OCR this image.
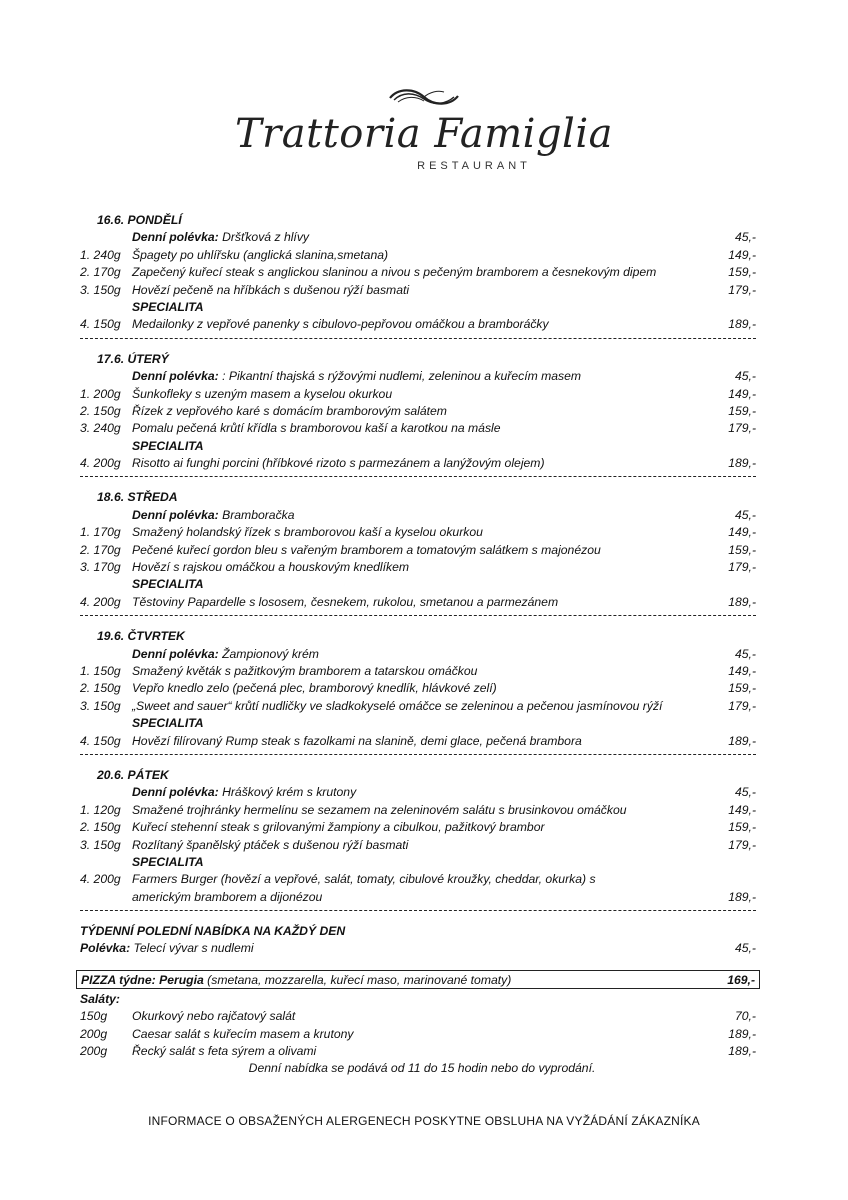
Trattoria Famiglia
RESTAURANT
16.6. PONDĚLÍ
Denní polévka: Dršťková z hlívy	45,-
1. 240g Špagety po uhlířsku (anglická slanina,smetana)	149,-
2. 170g Zapečený kuřecí steak s anglickou slaninou a nivou s pečeným bramborem a česnekovým dipem	159,-
3. 150g Hovězí pečeně na hříbkách s dušenou rýží basmati	179,-
SPECIALITA
4. 150g Medailonky z vepřové panenky s cibulovo-pepřovou omáčkou a bramboráčky	189,-
17.6. ÚTERÝ
Denní polévka: : Pikantní thajská s rýžovými nudlemi, zeleninou a kuřecím masem	45,-
1. 200g Šunkofleky s uzeným masem a kyselou okurkou	149,-
2. 150g Řízek z vepřového karé s domácím bramborovým salátem	159,-
3. 240g Pomalu pečená krůtí křídla s bramborovou kaší a karotkou na másle	179,-
SPECIALITA
4. 200g Risotto ai funghi porcini (hříbkové rizoto s parmezánem a lanýžovým olejem)	189,-
18.6. STŘEDA
Denní polévka: Bramboračka	45,-
1. 170g Smažený holandský řízek s bramborovou kaší a kyselou okurkou	149,-
2. 170g Pečené kuřecí gordon bleu s vařeným bramborem a tomatovým salátkem s majonézou	159,-
3. 170g Hovězí s rajskou omáčkou a houskovým knedlíkem	179,-
SPECIALITA
4. 200g Těstoviny Papardelle s lososem, česnekem, rukolou, smetanou a parmezánem	189,-
19.6. ČTVRTEK
Denní polévka: Žampionový krém	45,-
1. 150g Smažený květák s pažitkovým bramborem a tatarskou omáčkou	149,-
2. 150g Vepřo knedlo zelo (pečená plec, bramborový knedlík, hlávkové zelí)	159,-
3. 150g „Sweet and sauer“ krůtí nudličky ve sladkokyselé omáčce se zeleninou a pečenou jasmínovou rýží	179,-
SPECIALITA
4. 150g Hovězí filírovaný Rump steak s fazolkami na slanině, demi glace, pečená brambora	189,-
20.6. PÁTEK
Denní polévka: Hráškový krém s krutony	45,-
1. 120g Smažené trojhránky hermelínu se sezamem na zeleninovém salátu s brusinkovou omáčkou	149,-
2. 150g Kuřecí stehenní steak s grilovanými žampiony a cibulkou, pažitkový brambor	159,-
3. 150g Rozlítaný španělský ptáček s dušenou rýží basmati	179,-
SPECIALITA
4. 200g Farmers Burger (hovězí a vepřové, salát, tomaty, cibulové kroužky, cheddar, okurka) s
americkým bramborem a dijonézou	189,-
TÝDENNÍ POLEDNÍ NABÍDKA NA KAŽDÝ DEN
Polévka: Telecí vývar s nudlemi	45,-
PIZZA týdne: Perugia (smetana, mozzarella, kuřecí maso, marinované tomaty)	169,-
Saláty:
150g Okurkový nebo rajčatový salát	70,-
200g Caesar salát s kuřecím masem a krutony	189,-
200g Řecký salát s feta sýrem a olivami	189,-
Denní nabídka se podává od 11 do 15 hodin nebo do vyprodání.
INFORMACE O OBSAŽENÝCH ALERGENECH POSKYTNE OBSLUHA NA VYŽÁDÁNÍ ZÁKAZNÍKA
